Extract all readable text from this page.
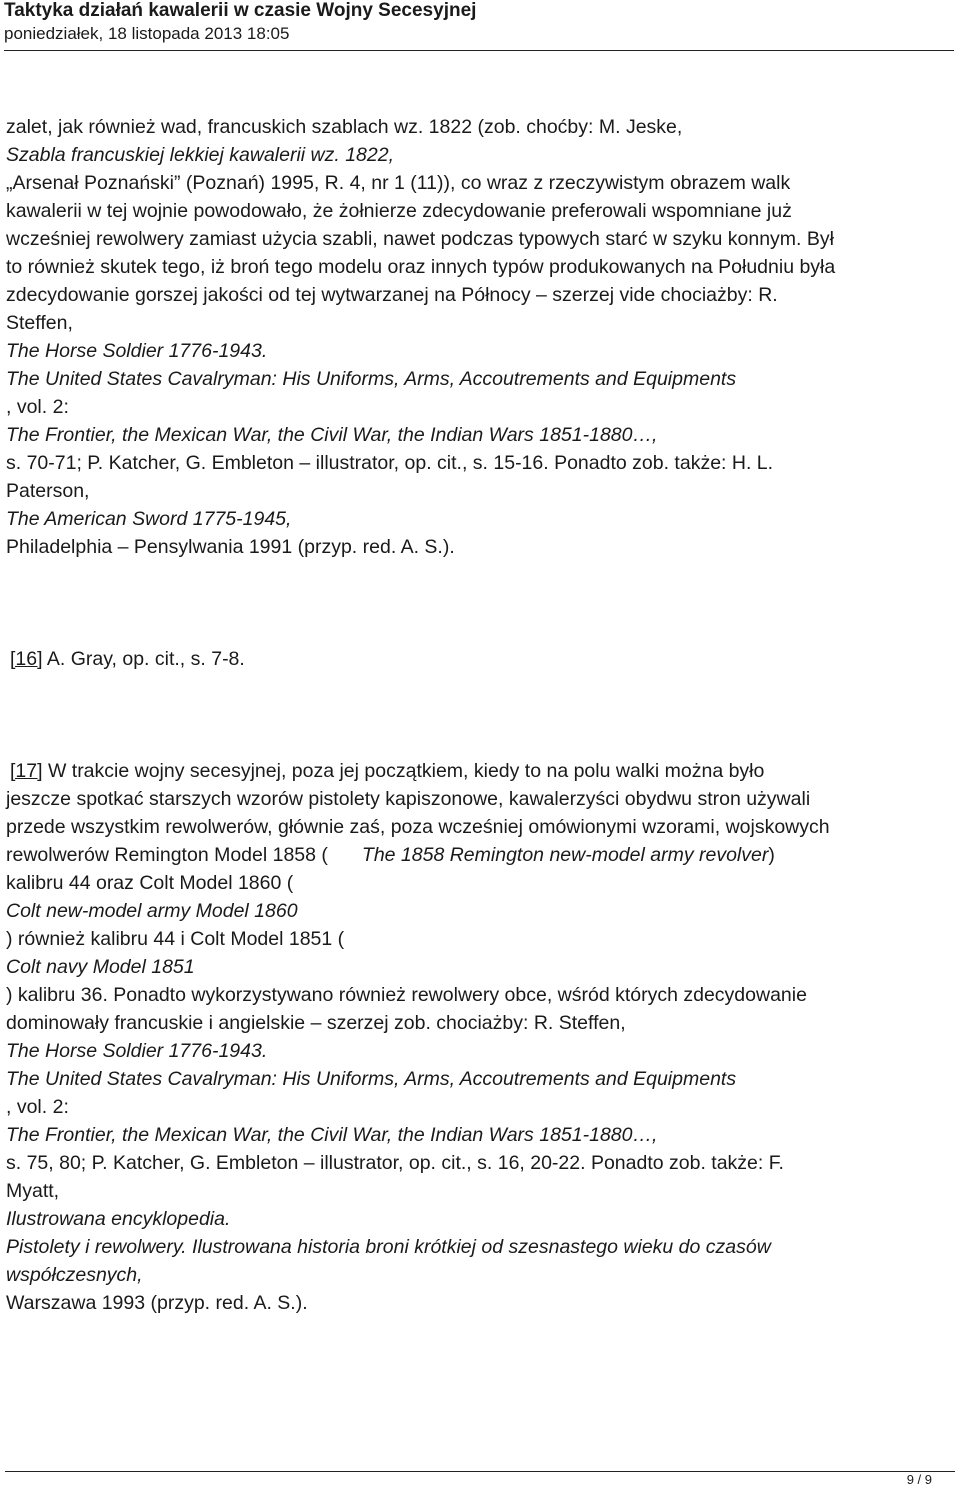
Taktyka działań kawalerii w czasie Wojny Secesyjnej
poniedziałek, 18 listopada 2013 18:05
zalet, jak również wad, francuskich szablach wz. 1822 (zob. choćby: M. Jeske,
Szabla francuskiej lekkiej kawalerii wz. 1822,
„Arsenał Poznański” (Poznań) 1995, R. 4, nr 1 (11)), co wraz z rzeczywistym obrazem walk
kawalerii w tej wojnie powodowało, że żołnierze zdecydowanie preferowali wspomniane już
wcześniej rewolwery zamiast użycia szabli, nawet podczas typowych starć w szyku konnym. Był
to również skutek tego, iż broń tego modelu oraz innych typów produkowanych na Południu była
zdecydowanie gorszej jakości od tej wytwarzanej na Północy – szerzej vide chociażby: R.
Steffen,
The Horse Soldier 1776-1943.
The United States Cavalryman: His Uniforms, Arms, Accoutrements and Equipments
, vol. 2:
The Frontier, the Mexican War, the Civil War, the Indian Wars 1851-1880…,
s. 70-71; P. Katcher, G. Embleton – illustrator, op. cit., s. 15-16. Ponadto zob. także: H. L.
Paterson,
The American Sword 1775-1945,
Philadelphia – Pensylwania 1991 (przyp. red. A. S.).
[16] A. Gray, op. cit., s. 7-8.
[17] W trakcie wojny secesyjnej, poza jej początkiem, kiedy to na polu walki można było
jeszcze spotkać starszych wzorów pistolety kapiszonowe, kawalerzyści obydwu stron używali
przede wszystkim rewolwerów, głównie zaś, poza wcześniej omówionymi wzorami, wojskowych
rewolwerów Remington Model 1858 ( The 1858 Remington new-model army revolver)
kalibru 44 oraz Colt Model 1860 (
Colt new-model army Model 1860
) również kalibru 44 i Colt Model 1851 (
Colt navy Model 1851
) kalibru 36. Ponadto wykorzystywano również rewolwery obce, wśród których zdecydowanie
dominowały francuskie i angielskie – szerzej zob. chociażby: R. Steffen,
The Horse Soldier 1776-1943.
The United States Cavalryman: His Uniforms, Arms, Accoutrements and Equipments
, vol. 2:
The Frontier, the Mexican War, the Civil War, the Indian Wars 1851-1880…,
s. 75, 80; P. Katcher, G. Embleton – illustrator, op. cit., s. 16, 20-22. Ponadto zob. także: F.
Myatt,
Ilustrowana encyklopedia.
Pistolety i rewolwery. Ilustrowana historia broni krótkiej od szesnastego wieku do czasów
współczesnych,
Warszawa 1993 (przyp. red. A. S.).
9 / 9
